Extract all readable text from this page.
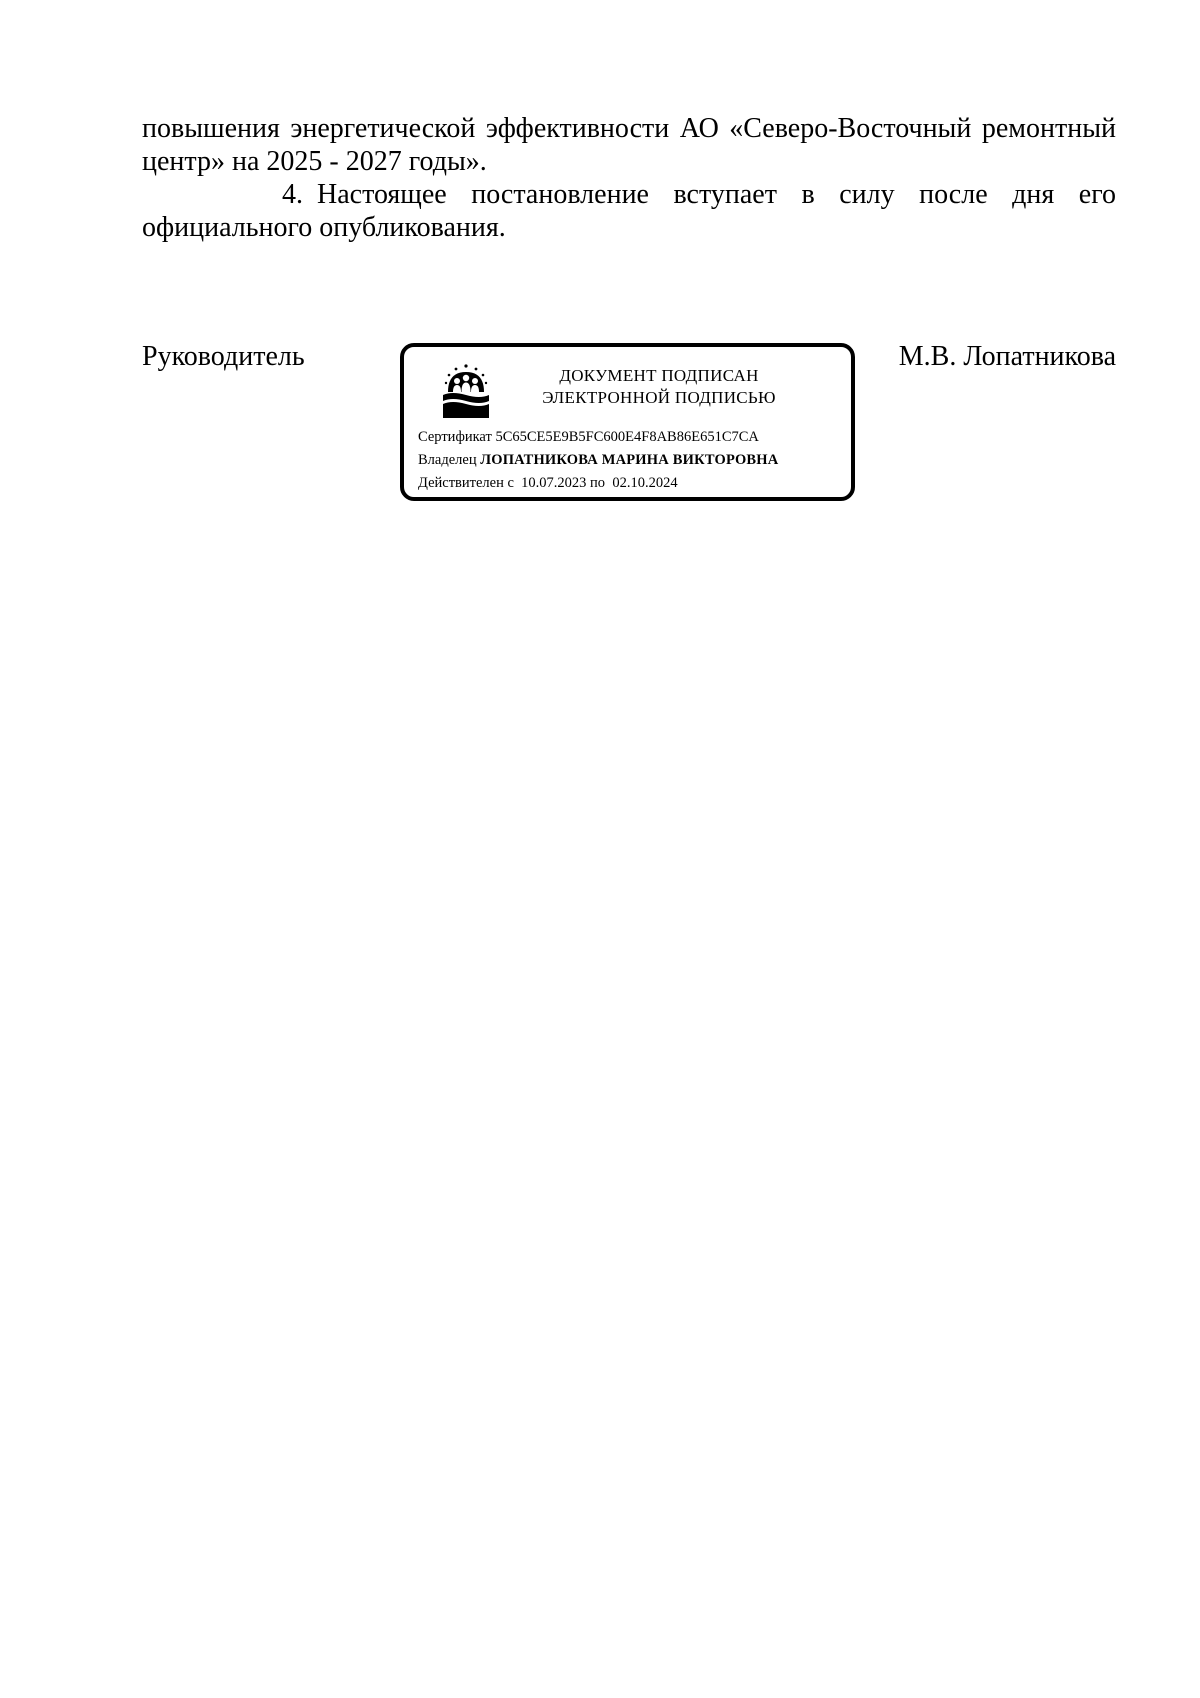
повышения энергетической эффективности АО «Северо-Восточный ремонтный центр» на 2025 - 2027 годы».

4. Настоящее постановление вступает в силу после дня его официального опубликования.

Руководитель	М.В. Лопатникова
ДОКУМЕНТ ПОДПИСАН
ЭЛЕКТРОННОЙ ПОДПИСЬЮ
Сертификат 5C65CE5E9B5FC600E4F8AB86E651C7CA
Владелец ЛОПАТНИКОВА МАРИНА ВИКТОРОВНА
Действителен с 10.07.2023 по 02.10.2024
